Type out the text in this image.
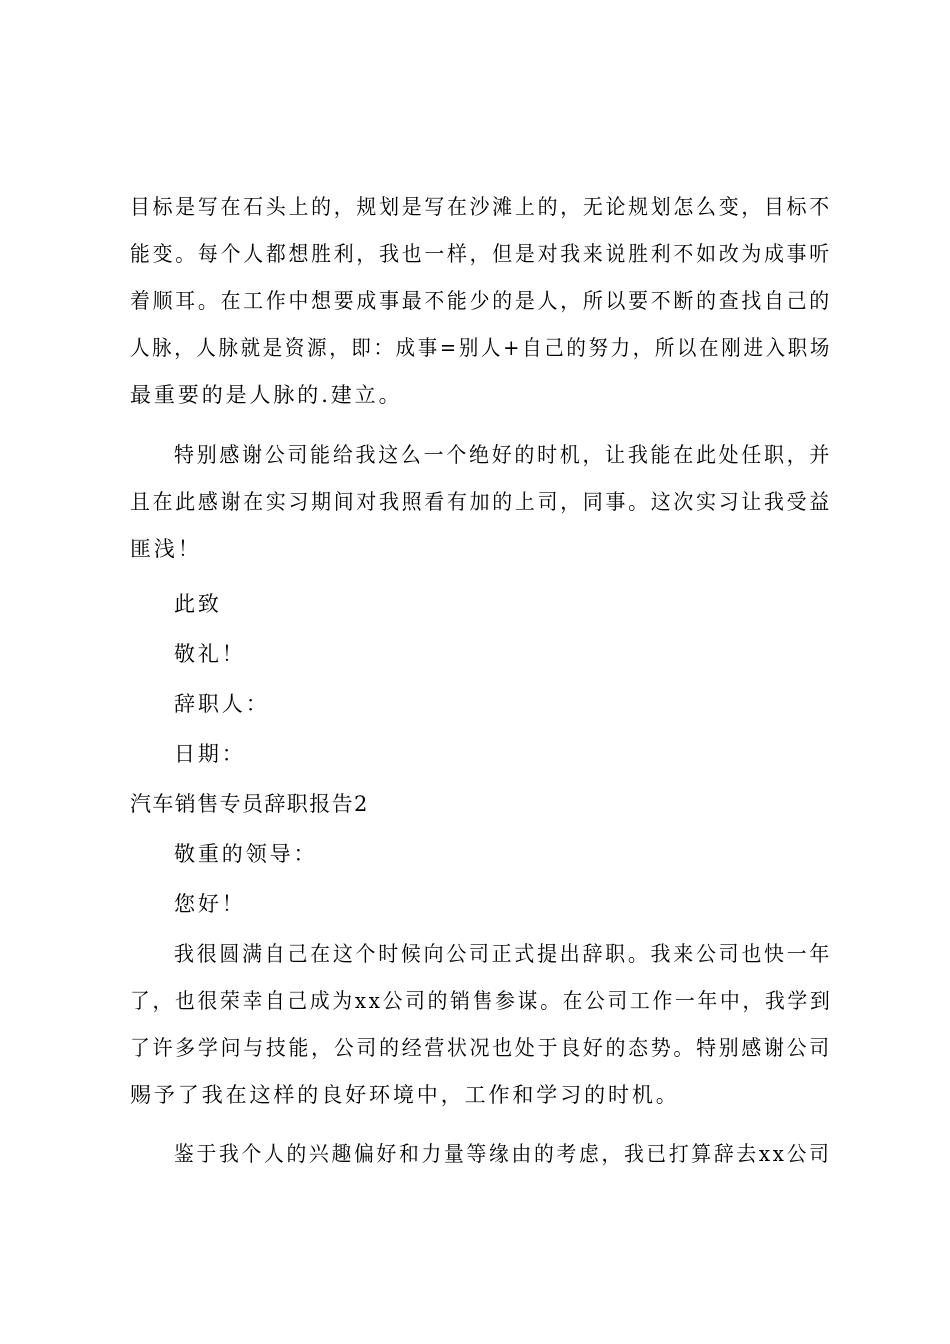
目标是写在石头上的，规划是写在沙滩上的，无论规划怎么变，目标不
能变。每个人都想胜利，我也一样，但是对我来说胜利不如改为成事听
着顺耳。在工作中想要成事最不能少的是人，所以要不断的查找自己的
人脉，人脉就是资源，即：成事=别人+自己的努力，所以在刚进入职场
最重要的是人脉的.建立。
特别感谢公司能给我这么一个绝好的时机，让我能在此处任职，并
且在此感谢在实习期间对我照看有加的上司，同事。这次实习让我受益
匪浅！
此致
敬礼！
辞职人：
日期：
汽车销售专员辞职报告2
敬重的领导：
您好！
我很圆满自己在这个时候向公司正式提出辞职。我来公司也快一年
了，也很荣幸自己成为xx公司的销售参谋。在公司工作一年中，我学到
了许多学问与技能，公司的经营状况也处于良好的态势。特别感谢公司
赐予了我在这样的良好环境中，工作和学习的时机。
鉴于我个人的兴趣偏好和力量等缘由的考虑，我已打算辞去xx公司
